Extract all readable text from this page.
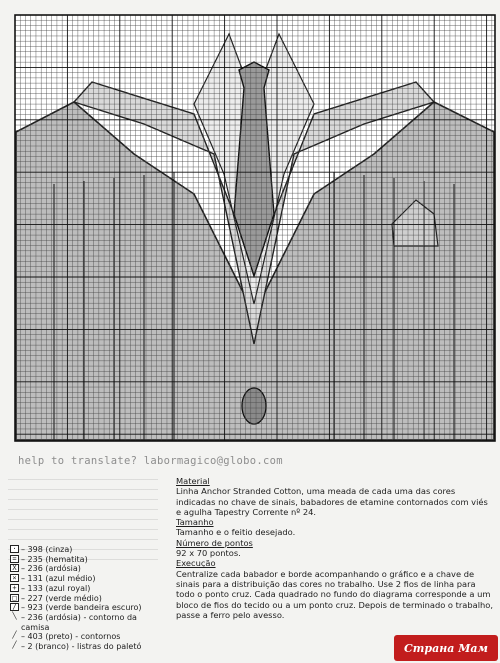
help to translate? labormagico@globo.com
· – 398 (cinza)
= – 235 (hematita)
X – 236 (ardósia)
× – 131 (azul médio)
+ – 133 (azul royal)
□ – 227 (verde médio)
/ – 923 (verde bandeira escuro)
╲ – 236 (ardósia) - contorno da camisa
╱ – 403 (preto) - contornos
╱ – 2 (branco) - listras do paletó
Material

Linha Anchor Stranded Cotton, uma meada de cada uma das cores indicadas no chave de sinais, babadores de etamine contornados com viés e agulha Tapestry Corrente nº 24.

Tamanho

Tamanho e o feitio desejado.

Número de pontos

92 x 70 pontos.

Execução

Centralize cada babador e borde acompanhando o gráfico e a chave de sinais para a distribuição das cores no trabalho. Use 2 fios de linha para todo o ponto cruz. Cada quadrado no fundo do diagrama corresponde a um bloco de fios do tecido ou a um ponto cruz. Depois de terminado o trabalho, passe a ferro pelo avesso.

Страна Мам
